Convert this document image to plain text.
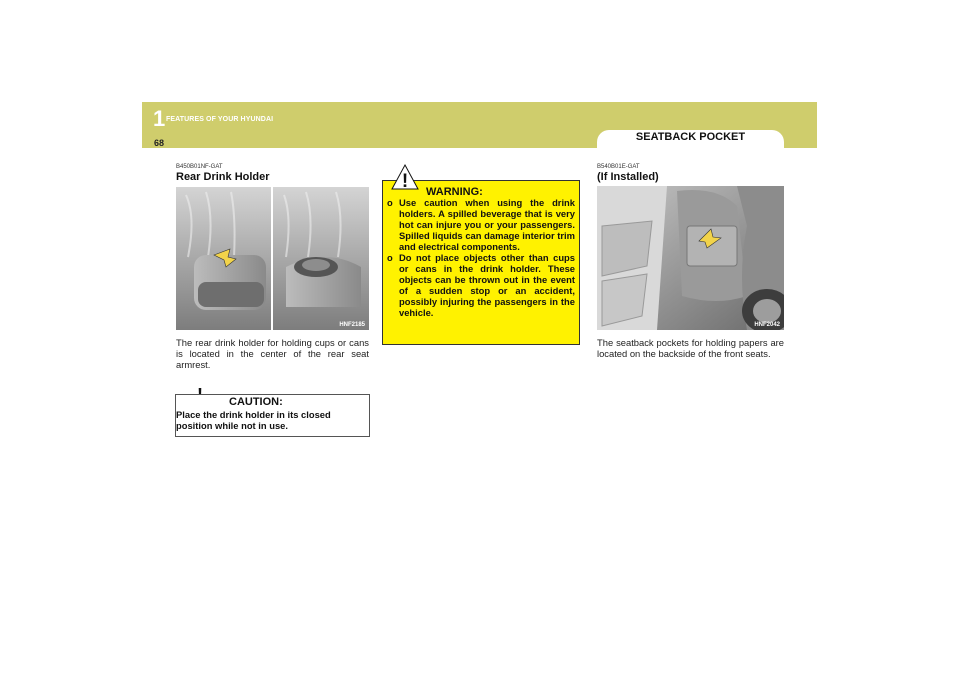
1 FEATURES OF YOUR HYUNDAI
68	SEATBACK POCKET
B450B01NF-GAT
Rear Drink Holder
HNF2185
The rear drink holder for holding cups or cans is located in the center of the rear seat armrest.
CAUTION:
Place the drink holder in its closed position while not in use.
! WARNING:
o Use caution when using the drink holders. A spilled beverage that is very hot can injure you or your passengers. Spilled liquids can damage interior trim and electrical components.
o Do not place objects other than cups or cans in the drink holder. These objects can be thrown out in the event of a sudden stop or an accident, possibly injuring the passengers in the vehicle.
B540B01E-GAT
(If Installed)
HNF2042
The seatback pockets for holding papers are located on the backside of the front seats.
